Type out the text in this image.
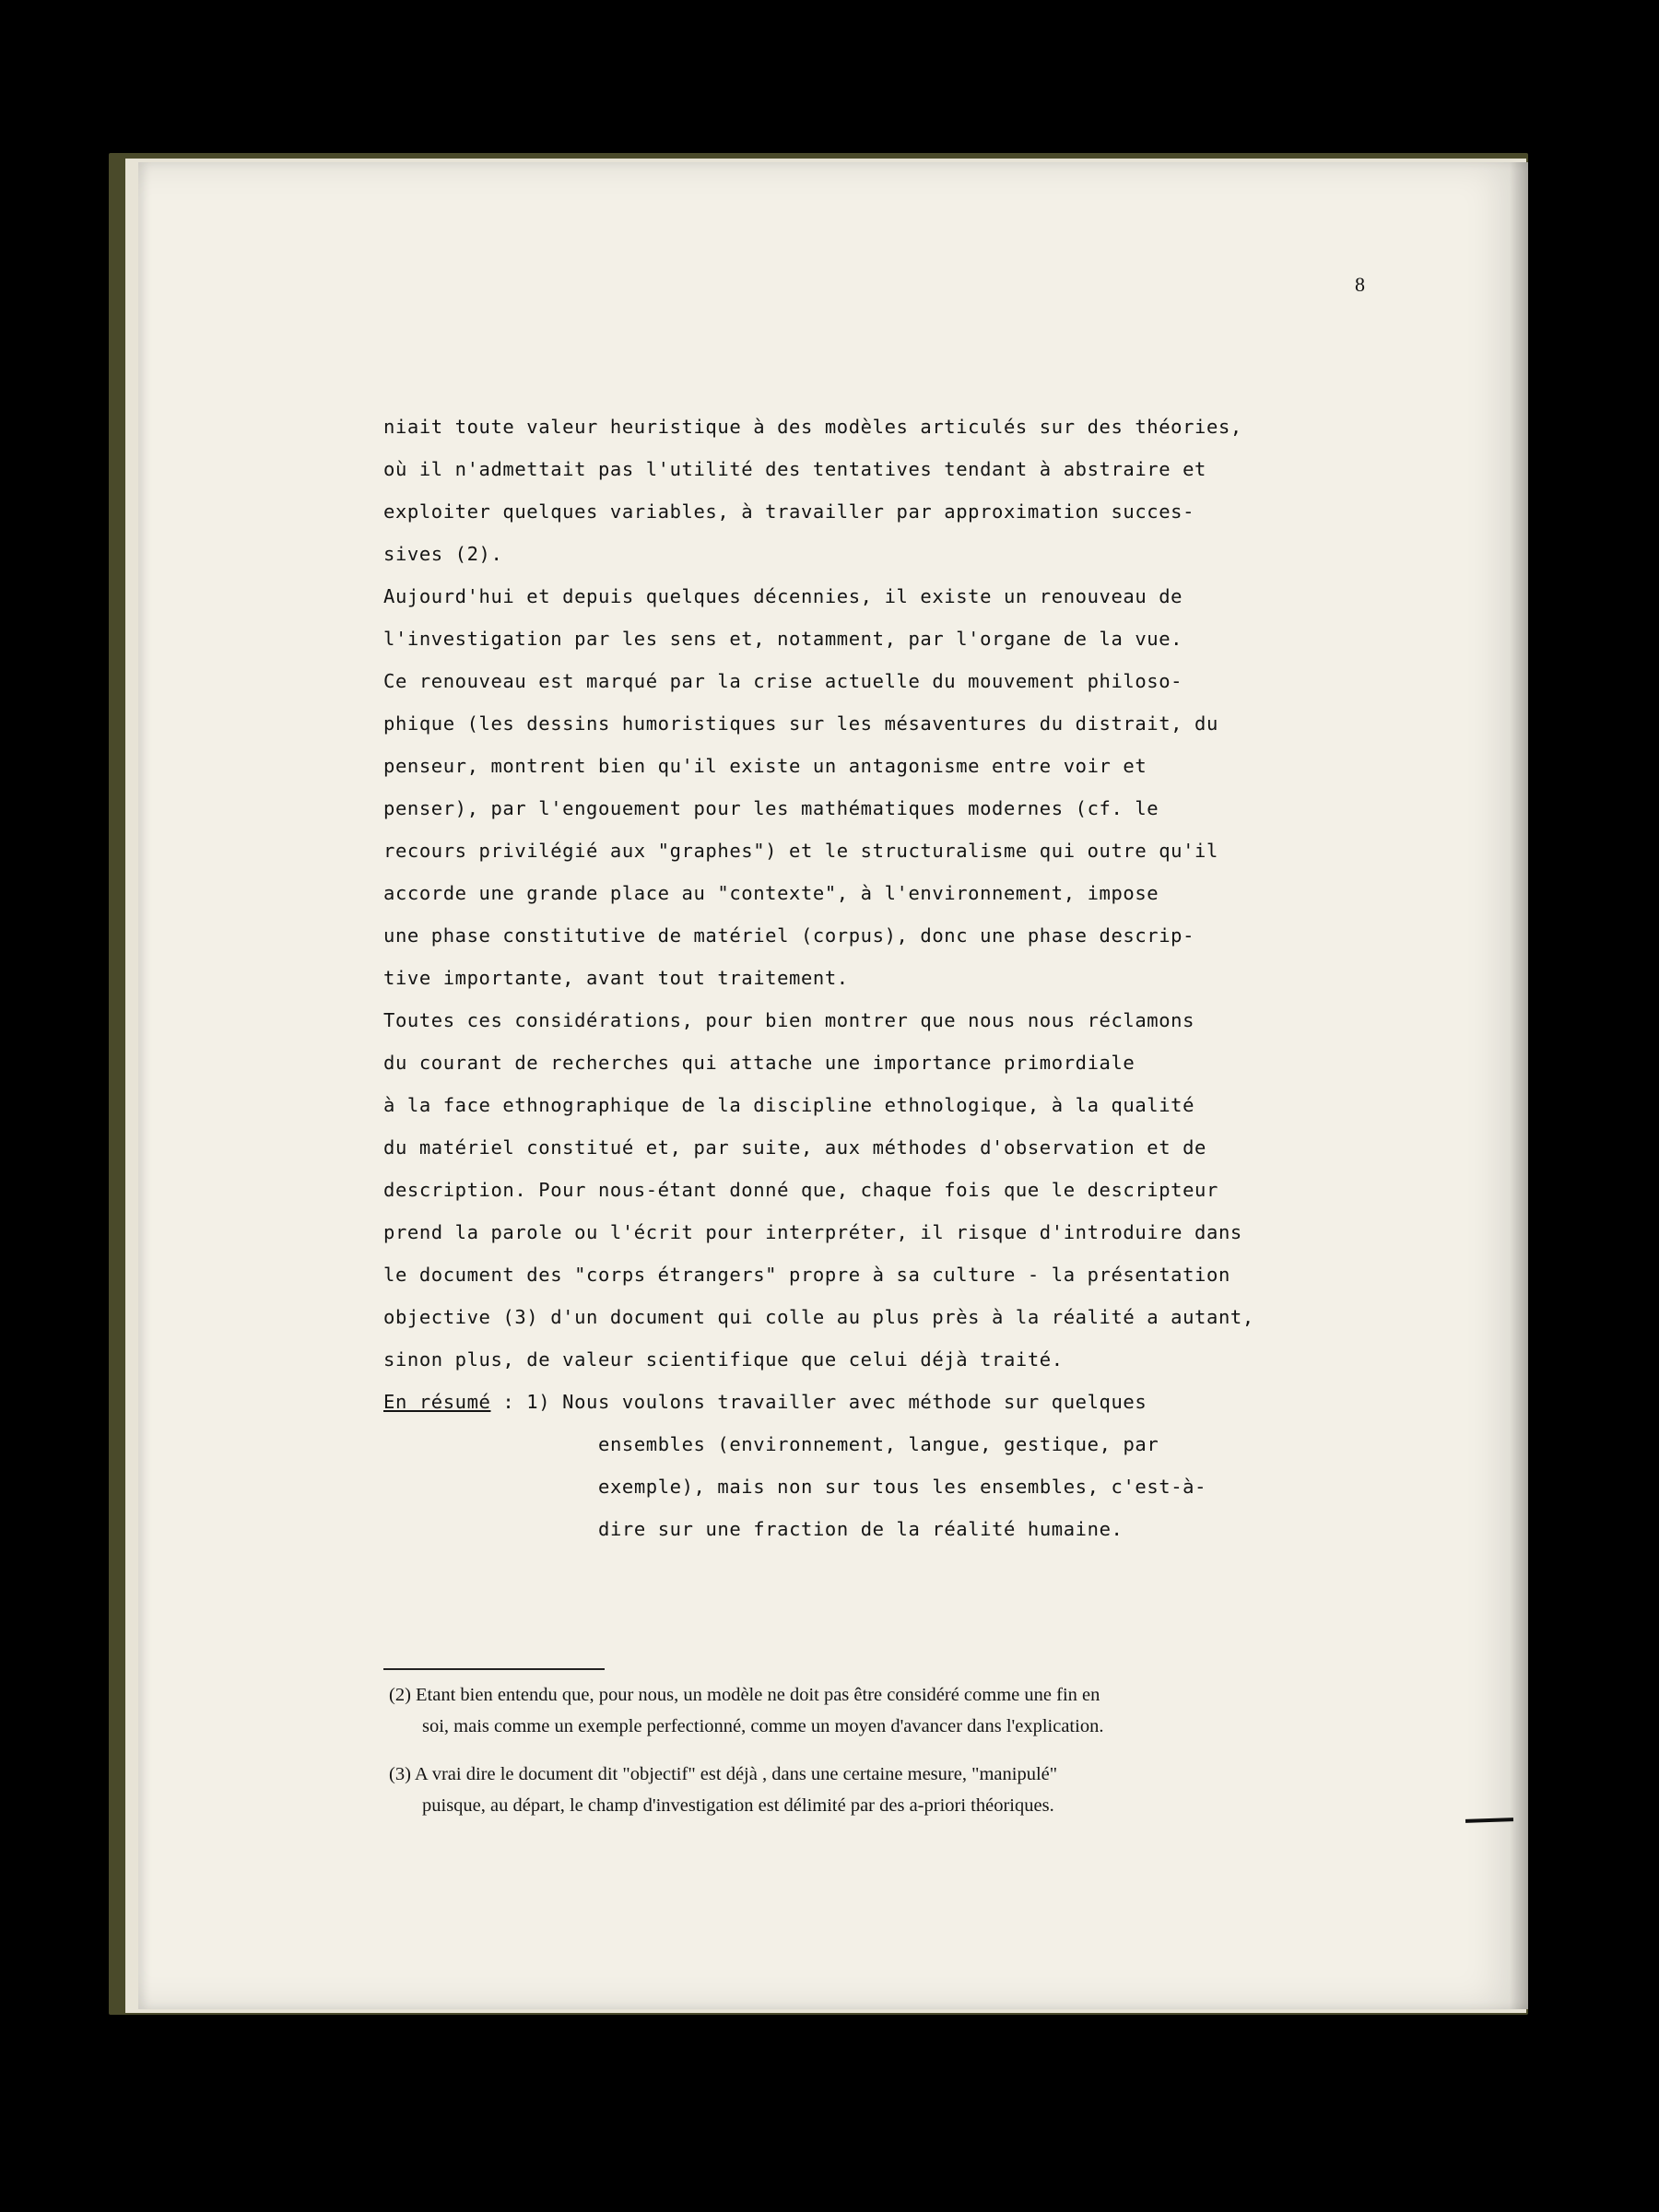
8
niait toute valeur heuristique à des modèles articulés sur des théories,
où il n'admettait pas l'utilité des tentatives tendant à abstraire et
exploiter quelques variables, à travailler par approximation succes-
sives (2).
Aujourd'hui et depuis quelques décennies, il existe un renouveau de
l'investigation par les sens et, notamment, par l'organe de la vue.
Ce renouveau est marqué par la crise actuelle du mouvement philoso-
phique (les dessins humoristiques sur les mésaventures du distrait, du
penseur, montrent bien qu'il existe un antagonisme entre voir et
penser), par l'engouement pour les mathématiques modernes (cf. le
recours privilégié aux "graphes") et le structuralisme qui outre qu'il
accorde une grande place au "contexte", à l'environnement, impose
une phase constitutive de matériel (corpus), donc une phase descrip-
tive importante, avant tout traitement.
Toutes ces considérations, pour bien montrer que nous nous réclamons
du courant de recherches qui attache une importance primordiale
à la face ethnographique de la discipline ethnologique, à la qualité
du matériel constitué et, par suite, aux méthodes d'observation et de
description. Pour nous-étant donné que, chaque fois que le descripteur
prend la parole ou l'écrit pour interpréter, il risque d'introduire dans
le document des "corps étrangers" propre à sa culture - la présentation
objective (3) d'un document qui colle au plus près à la réalité a autant,
sinon plus, de valeur scientifique que celui déjà traité.
En résumé : 1) Nous voulons travailler avec méthode sur quelques
ensembles (environnement, langue, gestique, par
exemple), mais non sur tous les ensembles, c'est-à-
dire sur une fraction de la réalité humaine.
(2) Etant bien entendu que, pour nous, un modèle ne doit pas être considéré comme une fin en
soi, mais comme un exemple perfectionné, comme un moyen d'avancer dans l'explication.
(3) A vrai dire le document dit "objectif" est déjà , dans une certaine mesure, "manipulé"
puisque, au départ, le champ d'investigation est délimité par des a-priori théoriques.
